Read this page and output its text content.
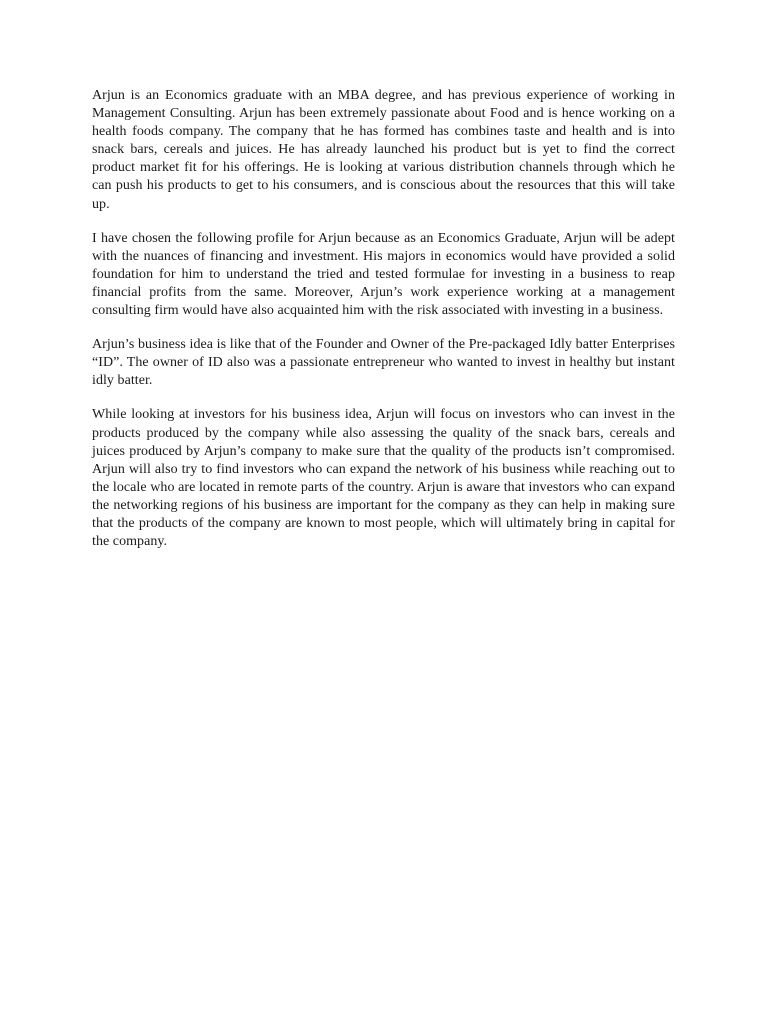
Arjun is an Economics graduate with an MBA degree, and has previous experience of working in Management Consulting. Arjun has been extremely passionate about Food and is hence working on a health foods company. The company that he has formed has combines taste and health and is into snack bars, cereals and juices. He has already launched his product but is yet to find the correct product market fit for his offerings. He is looking at various distribution channels through which he can push his products to get to his consumers, and is conscious about the resources that this will take up.

I have chosen the following profile for Arjun because as an Economics Graduate, Arjun will be adept with the nuances of financing and investment. His majors in economics would have provided a solid foundation for him to understand the tried and tested formulae for investing in a business to reap financial profits from the same. Moreover, Arjun’s work experience working at a management consulting firm would have also acquainted him with the risk associated with investing in a business.

Arjun’s business idea is like that of the Founder and Owner of the Pre-packaged Idly batter Enterprises “ID”. The owner of ID also was a passionate entrepreneur who wanted to invest in healthy but instant idly batter.

While looking at investors for his business idea, Arjun will focus on investors who can invest in the products produced by the company while also assessing the quality of the snack bars, cereals and juices produced by Arjun’s company to make sure that the quality of the products isn’t compromised. Arjun will also try to find investors who can expand the network of his business while reaching out to the locale who are located in remote parts of the country. Arjun is aware that investors who can expand the networking regions of his business are important for the company as they can help in making sure that the products of the company are known to most people, which will ultimately bring in capital for the company.
